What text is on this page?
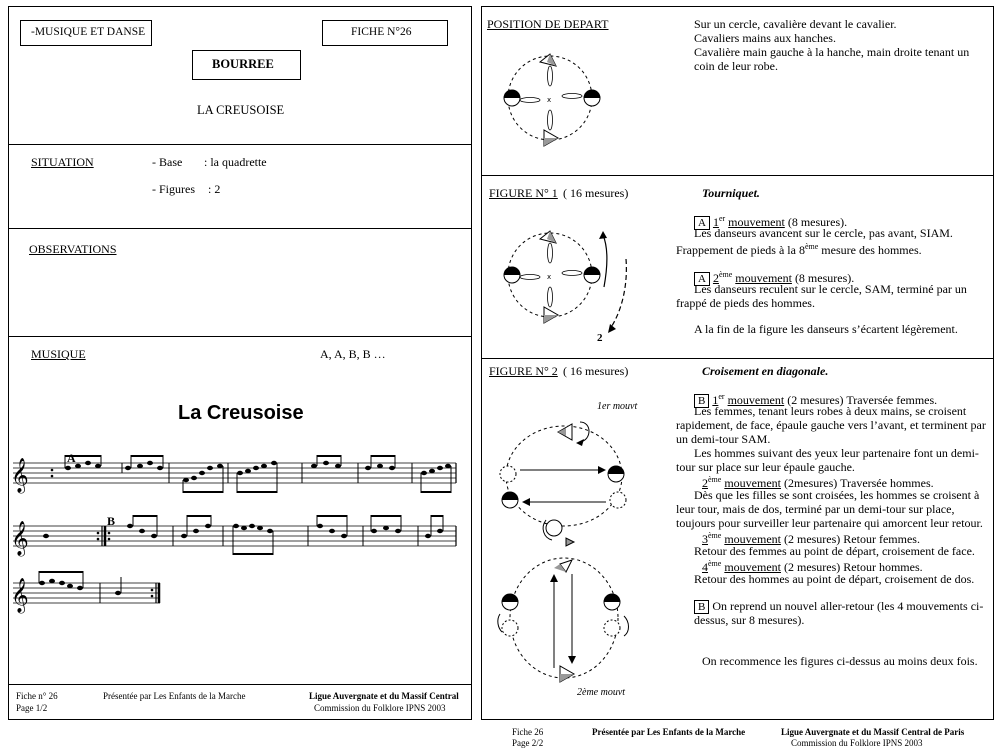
-MUSIQUE ET DANSE	FICHE N°26
BOURREE
LA CREUSOISE
SITUATION	- Base : la quadrette
- Figures : 2
OBSERVATIONS
MUSIQUE	A, A, B, B …
La Creusoise
A
B
𝄞
𝄞
𝄞
Fiche n° 26
Page 1/2
Présentée par Les Enfants de la Marche	Ligue Auvergnate et du Massif Central
Commission du Folklore IPNS 2003
POSITION DE DEPART	Sur un cercle, cavalière devant le cavalier.
Cavaliers mains aux hanches.
Cavalière main gauche à la hanche, main droite tenant un
coin de leur robe.
x
FIGURE N° 1 ( 16 mesures)	Tourniquet.
A 1er mouvement (8 mesures).
Les danseurs avancent sur le cercle, pas avant, SIAM.
Frappement de pieds à la 8ème mesure des hommes.
A 2ème mouvement (8 mesures).
Les danseurs reculent sur le cercle, SAM, terminé par un
frappé de pieds des hommes.
A la fin de la figure les danseurs s’écartent légèrement.
x
2
FIGURE N° 2 ( 16 mesures)	Croisement en diagonale.
B 1er mouvement (2 mesures) Traversée femmes.
Les femmes, tenant leurs robes à deux mains, se croisent
rapidement, de face, épaule gauche vers l’avant, et terminent par
un demi-tour SAM.
Les hommes suivant des yeux leur partenaire font un demi-
tour sur place sur leur épaule gauche.
2ème mouvement (2mesures) Traversée hommes.
Dès que les filles se sont croisées, les hommes se croisent à
leur tour, mais de dos, terminé par un demi-tour sur place,
toujours pour surveiller leur partenaire qui amorcent leur retour.
3ème mouvement (2 mesures) Retour femmes.
Retour des femmes au point de départ, croisement de face.
4ème mouvement (2 mesures) Retour hommes.
Retour des hommes au point de départ, croisement de dos.
B On reprend un nouvel aller-retour (les 4 mouvements ci-
dessus, sur 8 mesures).
On recommence les figures ci-dessus au moins deux fois.
1er mouvt
2ème mouvt
Fiche 26
Page 2/2
Présentée par Les Enfants de la Marche	Ligue Auvergnate et du Massif Central de Paris
Commission du Folklore IPNS 2003
